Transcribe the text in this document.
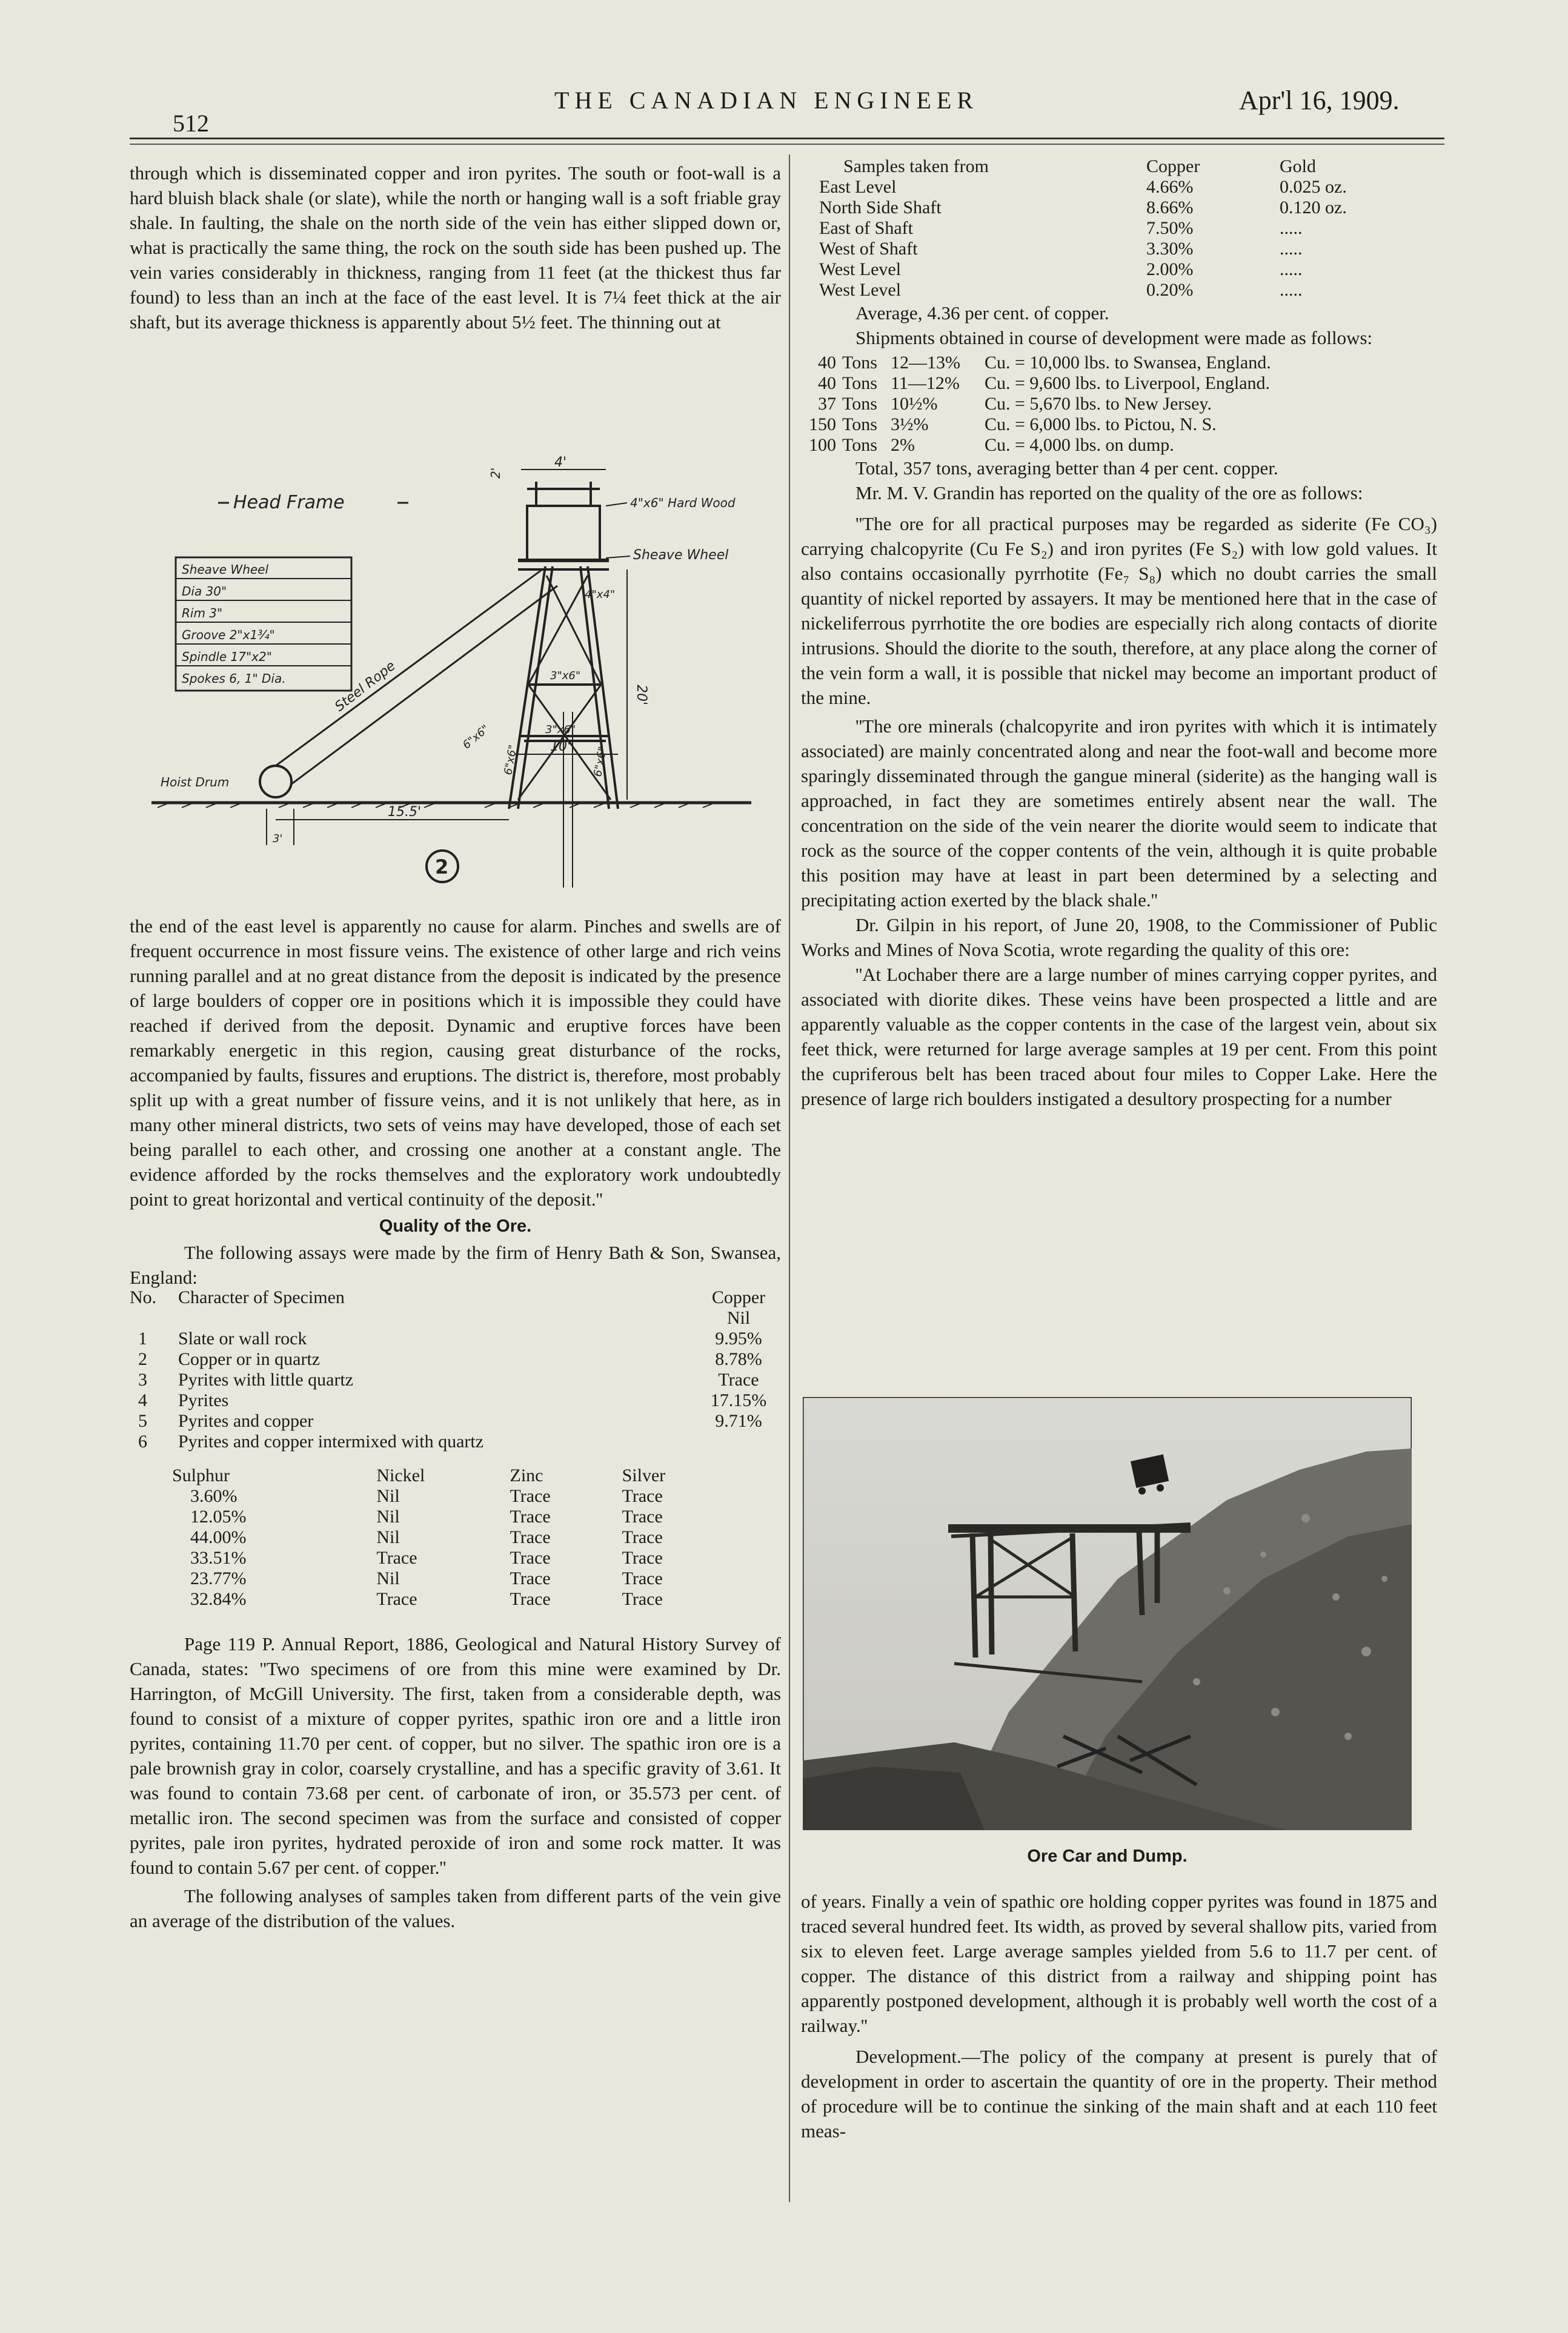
512
THE CANADIAN ENGINEER	Apr'l 16, 1909.

through which is disseminated copper and iron pyrites. The south or foot-wall is a hard bluish black shale (or slate), while the north or hanging wall is a soft friable gray shale. In faulting, the shale on the north side of the vein has either slipped down or, what is practically the same thing, the rock on the south side has been pushed up. The vein varies considerably in thickness, ranging from 11 feet (at the thickest thus far found) to less than an inch at the face of the east level. It is 7¼ feet thick at the air shaft, but its average thickness is apparently about 5½ feet. The thinning out at

Head Frame
Sheave Wheel
Dia 30"
Rim 3"
Groove 2"x1¾"
Spindle 17"x2"
Spokes 6, 1" Dia.
4"x6" Hard Wood
Sheave Wheel
Steel Rope
Hoist Drum
4'
2'
4"x4"
3"x6"
3"x6"
20'
6"x6"	6"x6"
6"x6"
15.5'
10'
3'
2

the end of the east level is apparently no cause for alarm. Pinches and swells are of frequent occurrence in most fissure veins. The existence of other large and rich veins running parallel and at no great distance from the deposit is indicated by the presence of large boulders of copper ore in positions which it is impossible they could have reached if derived from the deposit. Dynamic and eruptive forces have been remarkably energetic in this region, causing great disturbance of the rocks, accompanied by faults, fissures and eruptions. The district is, therefore, most probably split up with a great number of fissure veins, and it is not unlikely that here, as in many other mineral districts, two sets of veins may have developed, those of each set being parallel to each other, and crossing one another at a constant angle. The evidence afforded by the rocks themselves and the exploratory work undoubtedly point to great horizontal and vertical continuity of the deposit.''

Quality of the Ore.

The following assays were made by the firm of Henry Bath & Son, Swansea, England:

No.	Character of Specimen	Copper
		Nil
1	Slate or wall rock	9.95%
2	Copper or in quartz	8.78%
3	Pyrites with little quartz	Trace
4	Pyrites	17.15%
5	Pyrites and copper	9.71%
6	Pyrites and copper intermixed with quartz	
Sulphur	Nickel	Zinc	Silver
3.60%	Nil	Trace	Trace
12.05%	Nil	Trace	Trace
44.00%	Nil	Trace	Trace
33.51%	Trace	Trace	Trace
23.77%	Nil	Trace	Trace
32.84%	Trace	Trace	Trace

Page 119 P. Annual Report, 1886, Geological and Natural History Survey of Canada, states: ''Two specimens of ore from this mine were examined by Dr. Harrington, of McGill University. The first, taken from a considerable depth, was found to consist of a mixture of copper pyrites, spathic iron ore and a little iron pyrites, containing 11.70 per cent. of copper, but no silver. The spathic iron ore is a pale brownish gray in color, coarsely crystalline, and has a specific gravity of 3.61. It was found to contain 73.68 per cent. of carbonate of iron, or 35.573 per cent. of metallic iron. The second specimen was from the surface and consisted of copper pyrites, pale iron pyrites, hydrated peroxide of iron and some rock matter. It was found to contain 5.67 per cent. of copper.''

The following analyses of samples taken from different parts of the vein give an average of the distribution of the values.

Samples taken from	Copper	Gold
East Level	4.66%	0.025 oz.
North Side Shaft	8.66%	0.120 oz.
East of Shaft	7.50%	.....
West of Shaft	3.30%	.....
West Level	2.00%	.....
West Level	0.20%	.....

Average, 4.36 per cent. of copper.

Shipments obtained in course of development were made as follows:

40	Tons	12—13%	Cu. = 10,000 lbs. to Swansea, England.
40	Tons	11—12%	Cu. = 9,600 lbs. to Liverpool, England.
37	Tons	10½%	Cu. = 5,670 lbs. to New Jersey.
150	Tons	3½%	Cu. = 6,000 lbs. to Pictou, N. S.
100	Tons	2%	Cu. = 4,000 lbs. on dump.

Total, 357 tons, averaging better than 4 per cent. copper.

Mr. M. V. Grandin has reported on the quality of the ore as follows:

''The ore for all practical purposes may be regarded as siderite (Fe CO₃) carrying chalcopyrite (Cu Fe S₂) and iron pyrites (Fe S₂) with low gold values. It also contains occasionally pyrrhotite (Fe₇ S₈) which no doubt carries the small quantity of nickel reported by assayers. It may be mentioned here that in the case of nickeliferrous pyrrhotite the ore bodies are especially rich along contacts of diorite intrusions. Should the diorite to the south, therefore, at any place along the corner of the vein form a wall, it is possible that nickel may become an important product of the mine.

''The ore minerals (chalcopyrite and iron pyrites with which it is intimately associated) are mainly concentrated along and near the foot-wall and become more sparingly disseminated through the gangue mineral (siderite) as the hanging wall is approached, in fact they are sometimes entirely absent near the wall. The concentration on the side of the vein nearer the diorite would seem to indicate that rock as the source of the copper contents of the vein, although it is quite probable this position may have at least in part been determined by a selecting and precipitating action exerted by the black shale.''

Dr. Gilpin in his report, of June 20, 1908, to the Commissioner of Public Works and Mines of Nova Scotia, wrote regarding the quality of this ore:

''At Lochaber there are a large number of mines carrying copper pyrites, and associated with diorite dikes. These veins have been prospected a little and are apparently valuable as the copper contents in the case of the largest vein, about six feet thick, were returned for large average samples at 19 per cent. From this point the cupriferous belt has been traced about four miles to Copper Lake. Here the presence of large rich boulders instigated a desultory prospecting for a number

Ore Car and Dump.

of years. Finally a vein of spathic ore holding copper pyrites was found in 1875 and traced several hundred feet. Its width, as proved by several shallow pits, varied from six to eleven feet. Large average samples yielded from 5.6 to 11.7 per cent. of copper. The distance of this district from a railway and shipping point has apparently postponed development, although it is probably well worth the cost of a railway.''

Development.—The policy of the company at present is purely that of development in order to ascertain the quantity of ore in the property. Their method of procedure will be to continue the sinking of the main shaft and at each 110 feet meas-
